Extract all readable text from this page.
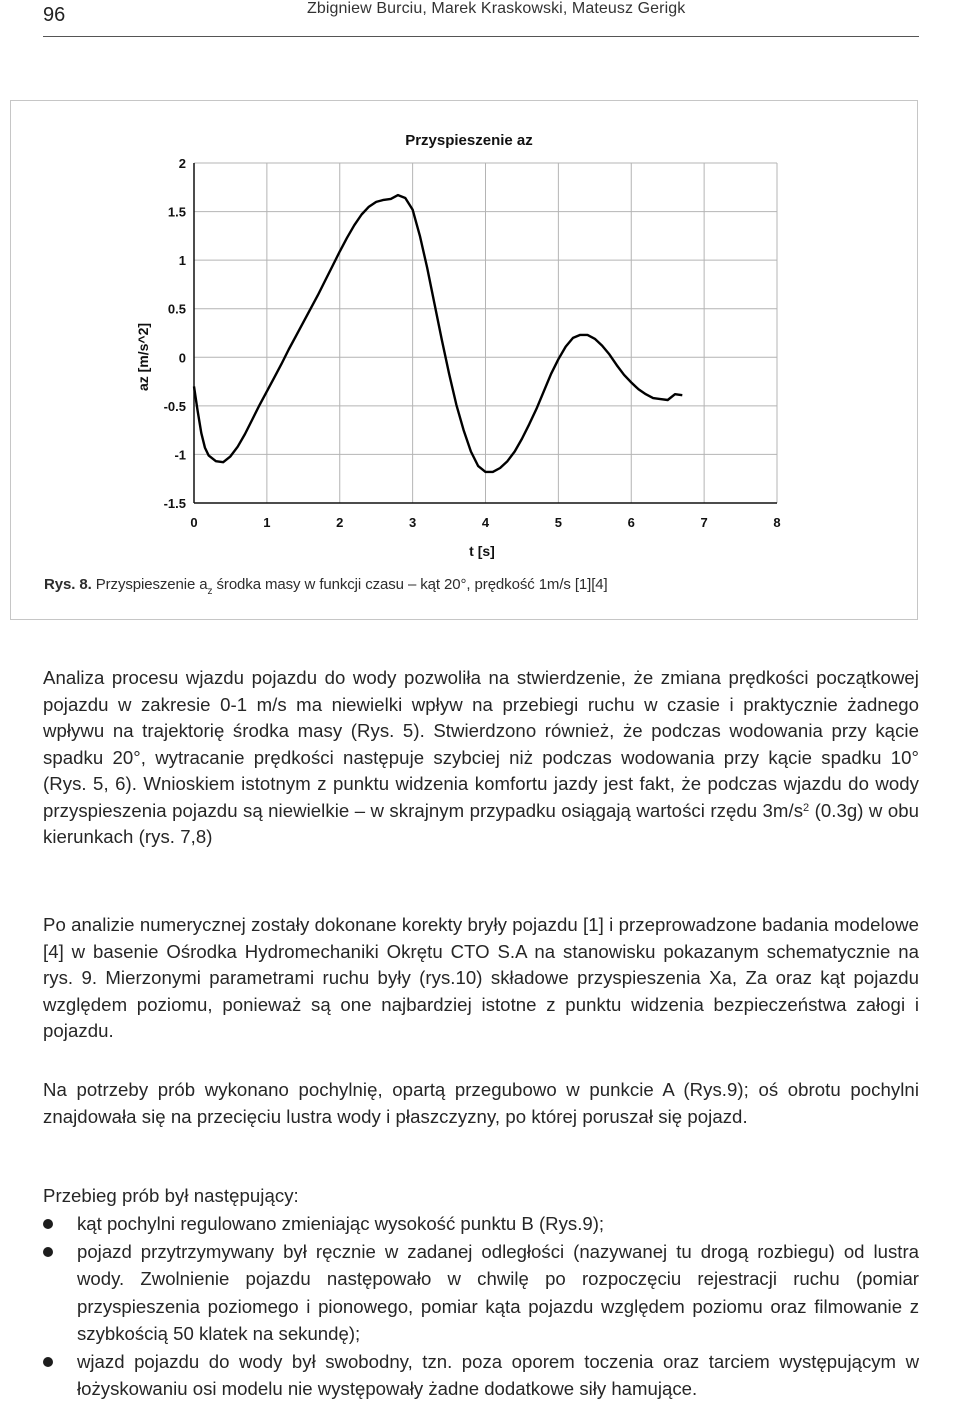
96	Zbigniew Burciu, Marek Kraskowski, Mateusz Gerigk
0	1	2	3	4	5	6	7	8
2
1.5
1
0.5
0
-0.5
-1
-1.5
Przyspieszenie az
t [s]
az [m/s^2]
Rys. 8. Przyspieszenie $a_z$ środka masy w funkcji czasu – kąt 20°, prędkość 1m/s [1][4]

Analiza procesu wjazdu pojazdu do wody pozwoliła na stwierdzenie, że zmiana prędkości początkowej pojazdu w zakresie 0-1 m/s ma niewielki wpływ na przebiegi ruchu w czasie i praktycznie żadnego wpływu na trajektorię środka masy (Rys. 5). Stwierdzono również, że podczas wodowania przy kącie spadku 20°, wytracanie prędkości następuje szybciej niż podczas wodowania przy kącie spadku 10° (Rys. 5, 6). Wnioskiem istotnym z punktu widzenia komfortu jazdy jest fakt, że podczas wjazdu do wody przyspieszenia pojazdu są niewielkie – w skrajnym przypadku osiągają wartości rzędu $3m/s^2$ (0.3g) w obu kierunkach (rys. 7,8)

Po analizie numerycznej zostały dokonane korekty bryły pojazdu [1] i przeprowadzone badania modelowe [4] w basenie Ośrodka Hydromechaniki Okrętu CTO S.A na stanowisku pokazanym schematycznie na rys. 9. Mierzonymi parametrami ruchu były (rys.10) składowe przyspieszenia Xa, Za oraz kąt pojazdu względem poziomu, ponieważ są one najbardziej istotne z punktu widzenia bezpieczeństwa załogi i pojazdu.

Na potrzeby prób wykonano pochylnię, opartą przegubowo w punkcie A (Rys.9); oś obrotu pochylni znajdowała się na przecięciu lustra wody i płaszczyzny, po której poruszał się pojazd.

Przebieg prób był następujący:

kąt pochylni regulowano zmieniając wysokość punktu B (Rys.9);
pojazd przytrzymywany był ręcznie w zadanej odległości (nazywanej tu drogą rozbiegu) od lustra wody. Zwolnienie pojazdu następowało w chwilę po rozpoczęciu rejestracji ruchu (pomiar przyspieszenia poziomego i pionowego, pomiar kąta pojazdu względem poziomu oraz filmowanie z szybkością 50 klatek na sekundę);
wjazd pojazdu do wody był swobodny, tzn. poza oporem toczenia oraz tarciem występującym w łożyskowaniu osi modelu nie występowały żadne dodatkowe siły hamujące.
